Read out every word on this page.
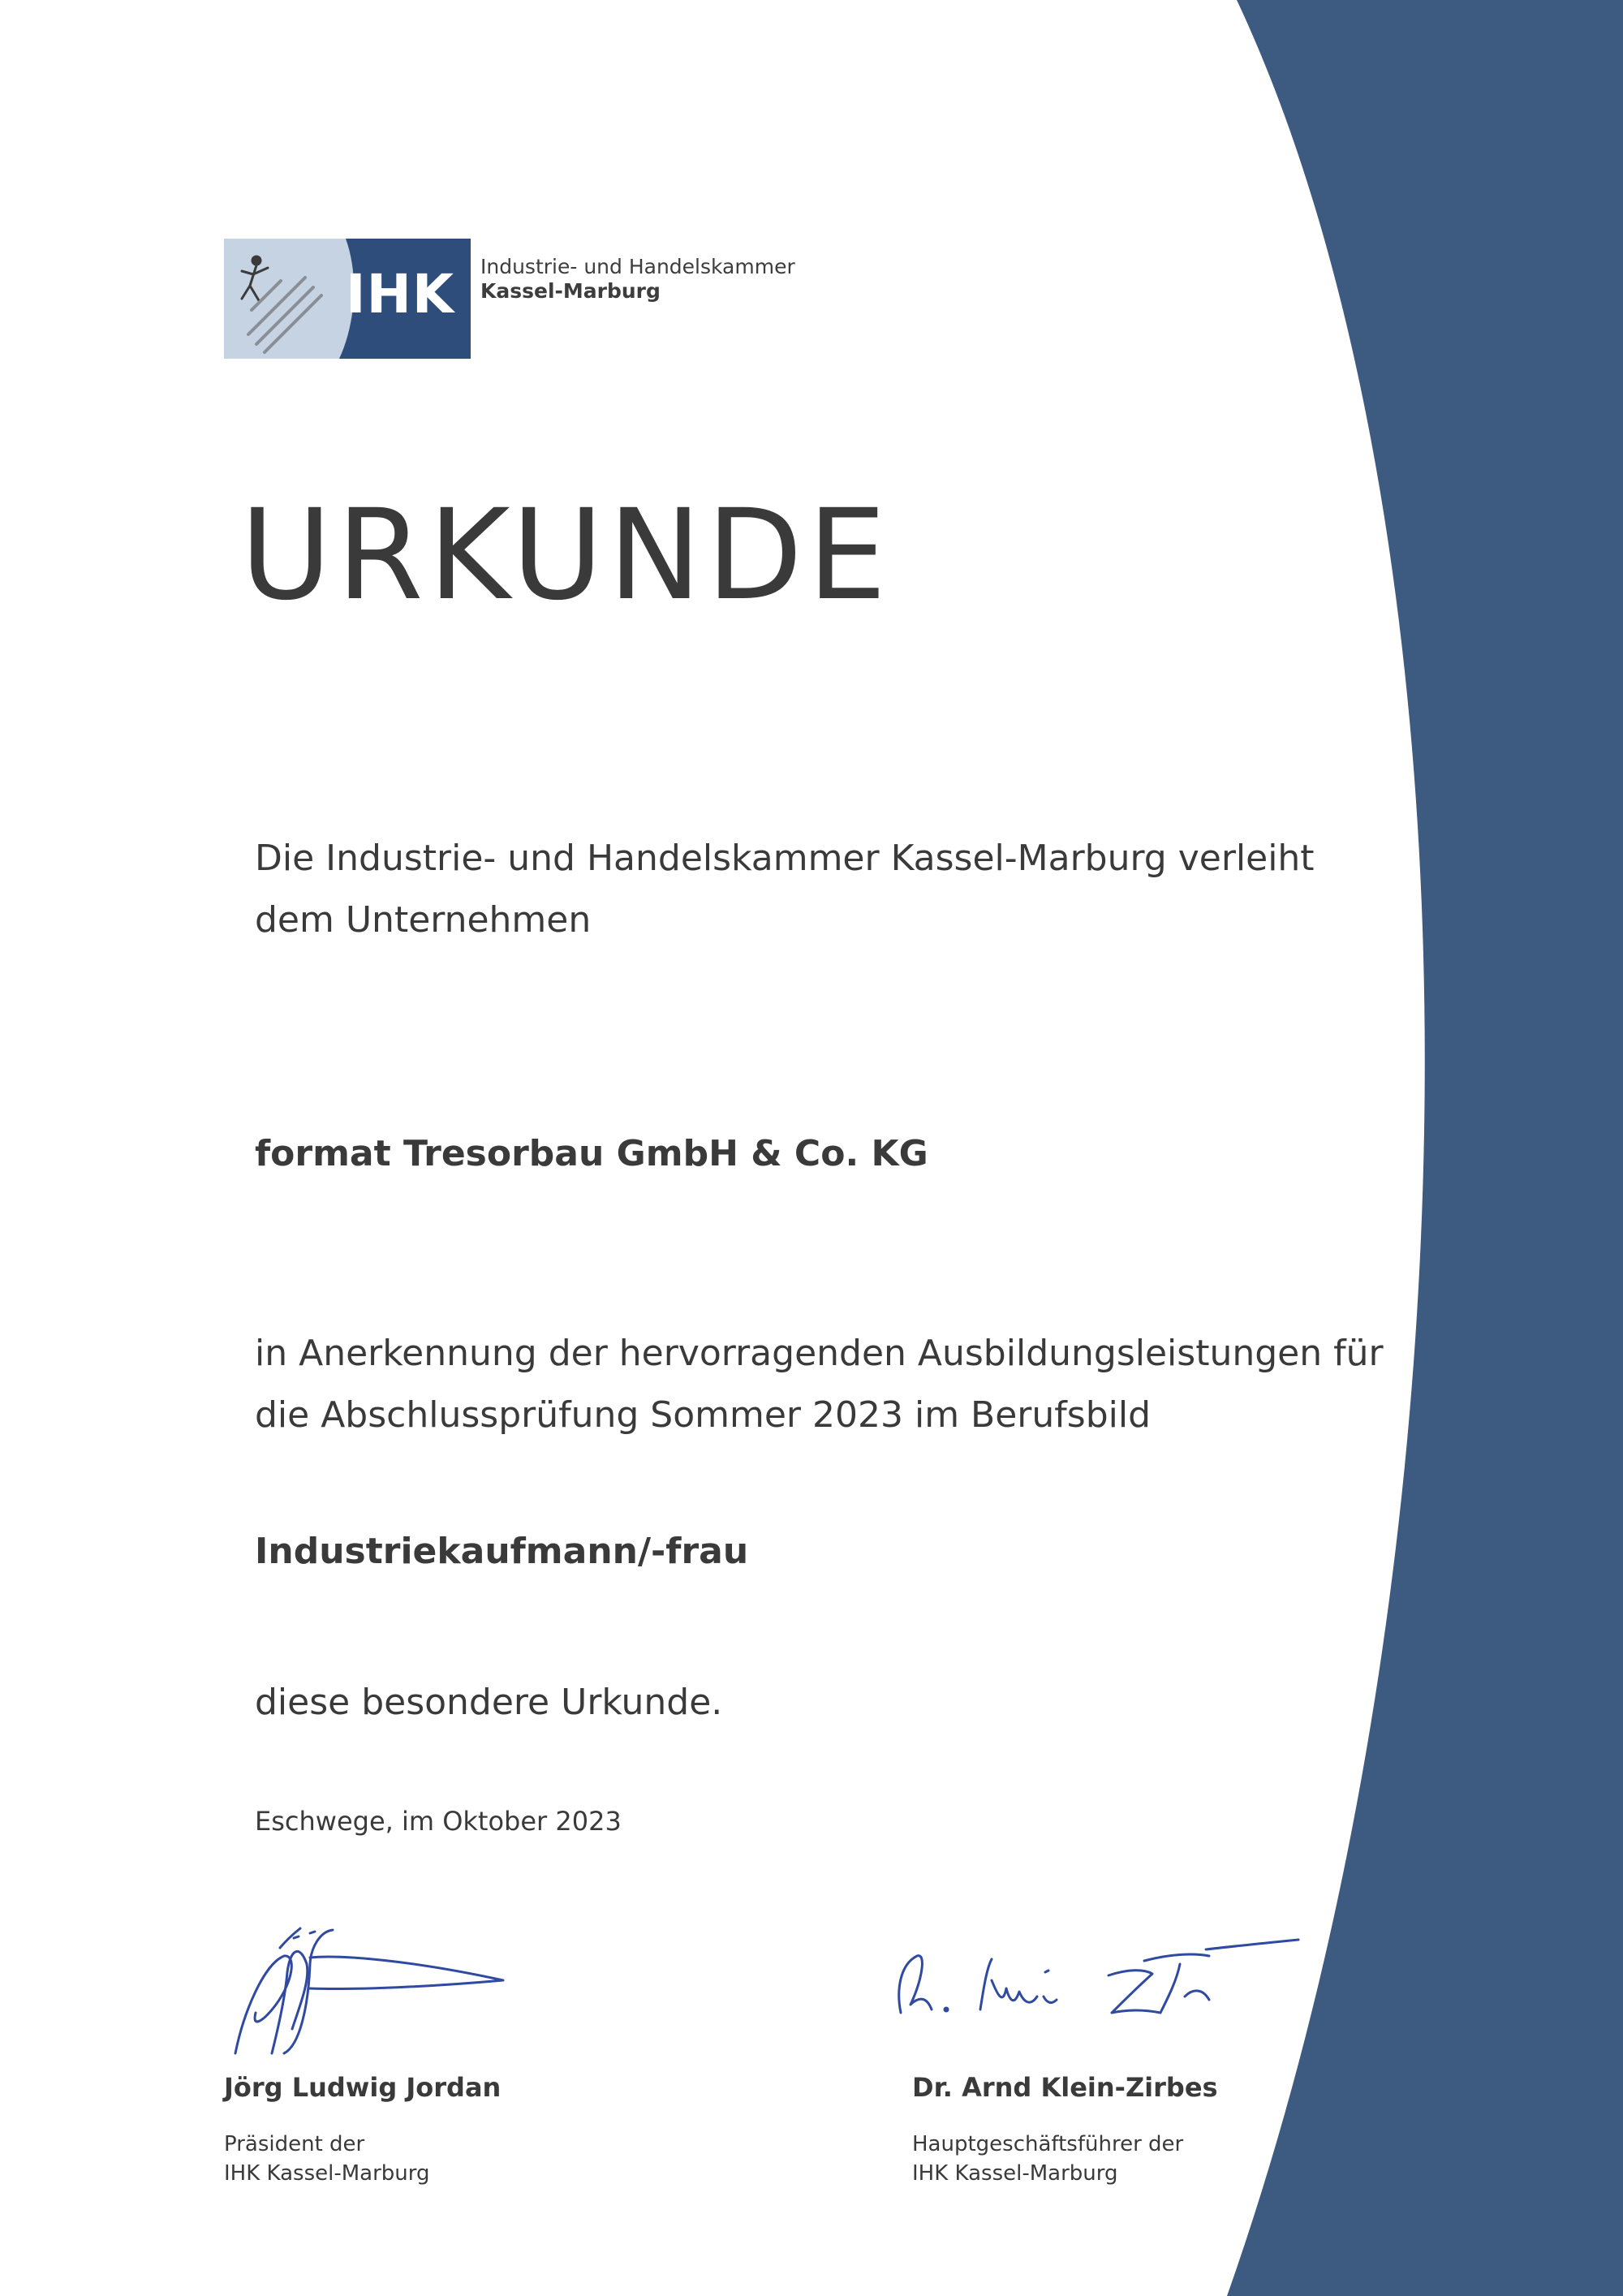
IHK	Industrie- und Handelskammer
Kassel-Marburg
URKUNDE

Die Industrie- und Handelskammer Kassel-Marburg verleiht dem Unternehmen

format Tresorbau GmbH & Co. KG

in Anerkennung der hervorragenden Ausbildungsleistungen für die Abschlussprüfung Sommer 2023 im Berufsbild

Industriekaufmann/-frau

diese besondere Urkunde.

Eschwege, im Oktober 2023

Jörg Ludwig Jordan

Präsident der
IHK Kassel-Marburg

Dr. Arnd Klein-Zirbes

Hauptgeschäftsführer der
IHK Kassel-Marburg
